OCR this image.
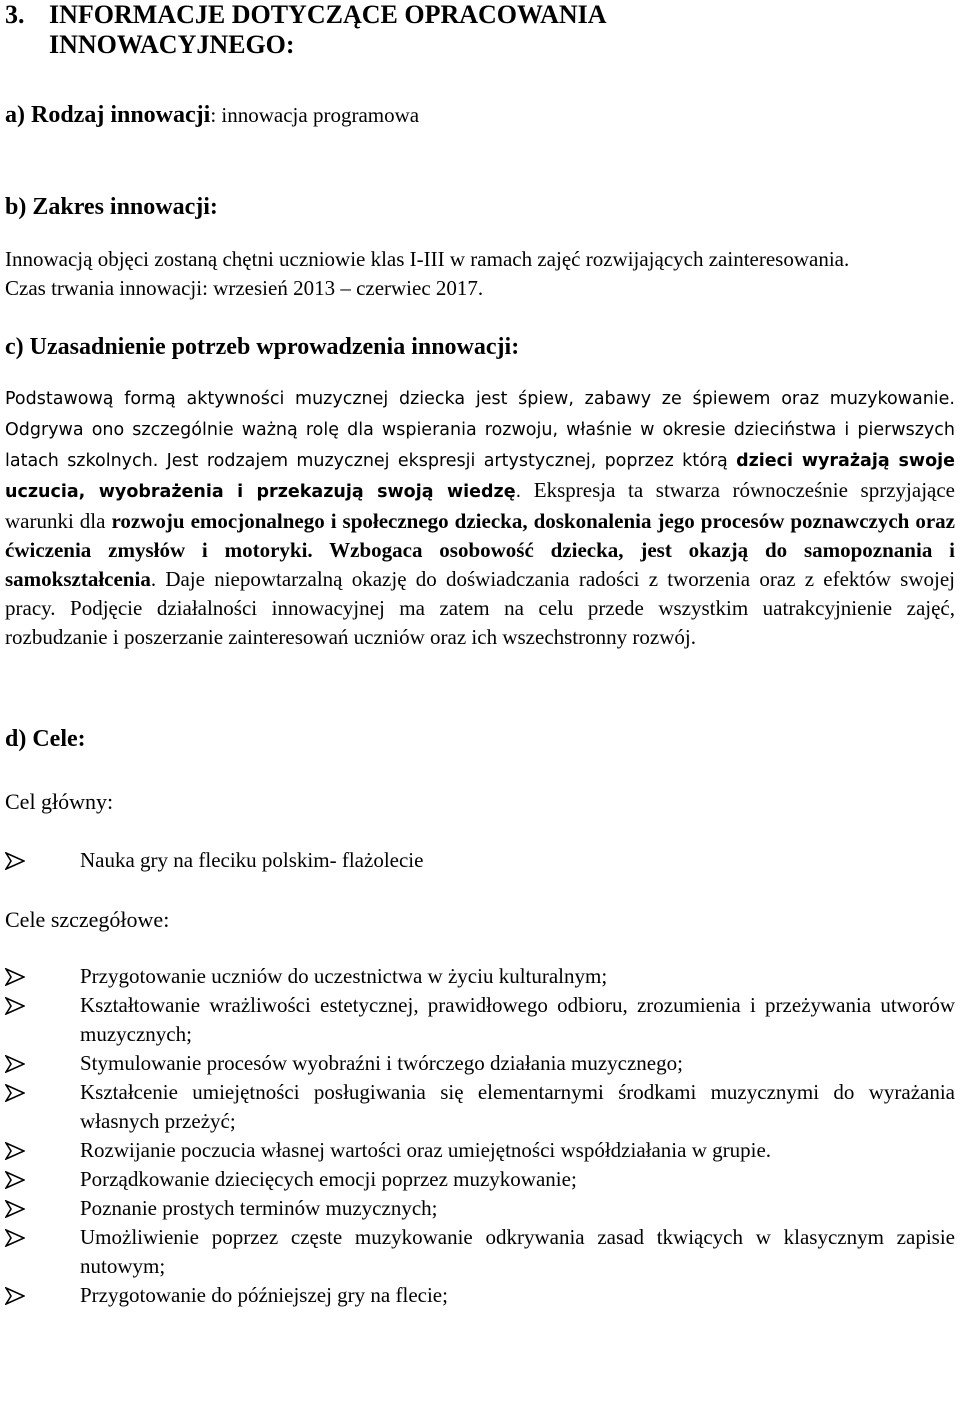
3. INFORMACJE DOTYCZĄCE OPRACOWANIA
INNOWACYJNEGO:
a) Rodzaj innowacji: innowacja programowa
b) Zakres innowacji:

Innowacją objęci zostaną chętni uczniowie klas I-III w ramach zajęć rozwijających zainteresowania.

Czas trwania innowacji: wrzesień 2013 – czerwiec 2017.

c) Uzasadnienie potrzeb wprowadzenia innowacji:

Podstawową formą aktywności muzycznej dziecka jest śpiew, zabawy ze śpiewem oraz muzykowanie. Odgrywa ono szczególnie ważną rolę dla wspierania rozwoju, właśnie w okresie dzieciństwa i pierwszych latach szkolnych. Jest rodzajem muzycznej ekspresji artystycznej, poprzez którą dzieci wyrażają swoje uczucia, wyobrażenia i przekazują swoją wiedzę. Ekspresja ta stwarza równocześnie sprzyjające warunki dla rozwoju emocjonalnego i społecznego dziecka, doskonalenia jego procesów poznawczych oraz ćwiczenia zmysłów i motoryki. Wzbogaca osobowość dziecka, jest okazją do samopoznania i samokształcenia. Daje niepowtarzalną okazję do doświadczania radości z tworzenia oraz z efektów swojej pracy. Podjęcie działalności innowacyjnej ma zatem na celu przede wszystkim uatrakcyjnienie zajęć, rozbudzanie i poszerzanie zainteresowań uczniów oraz ich wszechstronny rozwój.

d) Cele:
Cel główny:
Nauka gry na fleciku polskim- flażolecie
Cele szczegółowe:
Przygotowanie uczniów do uczestnictwa w życiu kulturalnym;
Kształtowanie wrażliwości estetycznej, prawidłowego odbioru, zrozumienia i przeżywania utworów muzycznych;
Stymulowanie procesów wyobraźni i twórczego działania muzycznego;
Kształcenie umiejętności posługiwania się elementarnymi środkami muzycznymi do wyrażania własnych przeżyć;
Rozwijanie poczucia własnej wartości oraz umiejętności współdziałania w grupie.
Porządkowanie dziecięcych emocji poprzez muzykowanie;
Poznanie prostych terminów muzycznych;
Umożliwienie poprzez częste muzykowanie odkrywania zasad tkwiących w klasycznym zapisie nutowym;
Przygotowanie do późniejszej gry na flecie;
